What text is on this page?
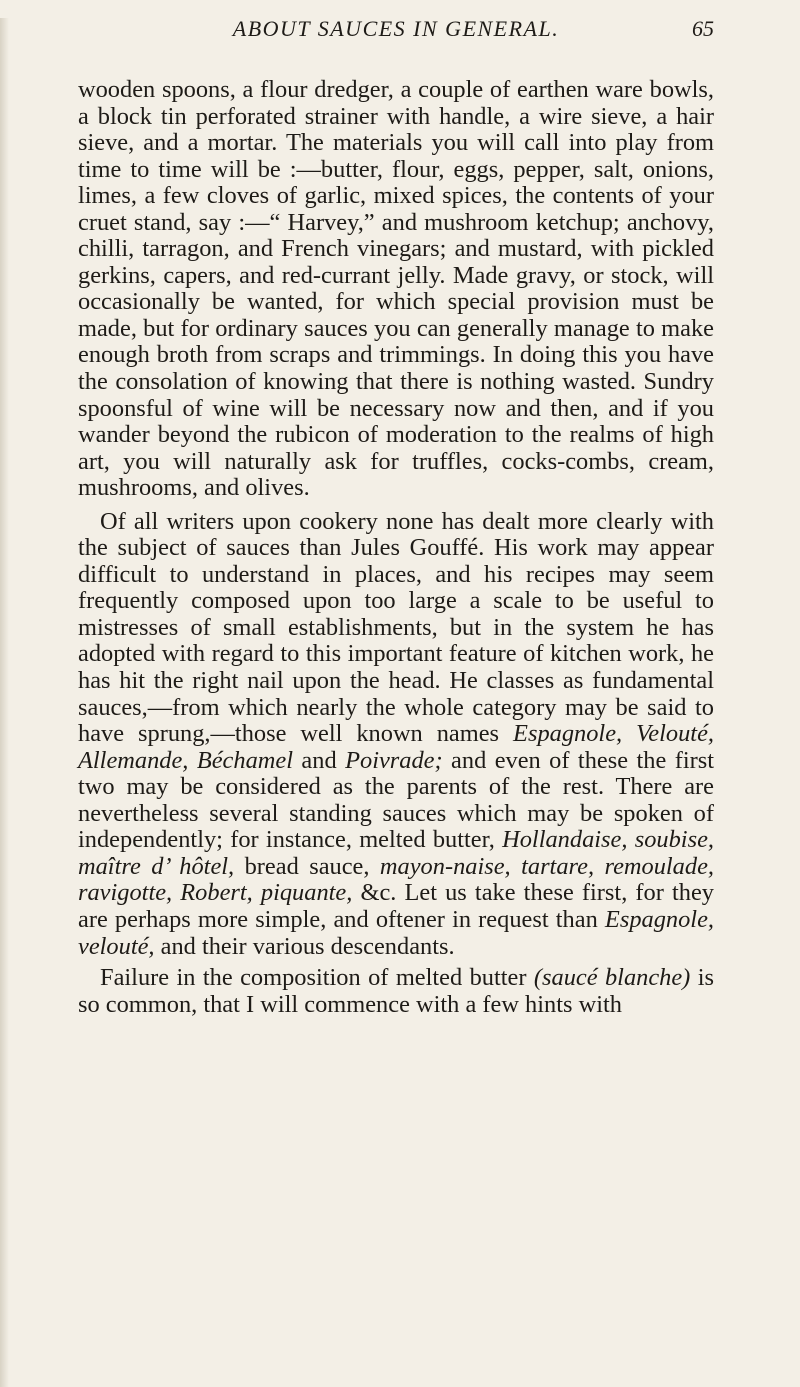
ABOUT SAUCES IN GENERAL.	65

wooden spoons, a flour dredger, a couple of earthen ware bowls, a block tin perforated strainer with handle, a wire sieve, a hair sieve, and a mortar. The materials you will call into play from time to time will be :—butter, flour, eggs, pepper, salt, onions, limes, a few cloves of garlic, mixed spices, the contents of your cruet stand, say :—“ Harvey,” and mushroom ketchup; anchovy, chilli, tarragon, and French vinegars; and mustard, with pickled gerkins, capers, and red-currant jelly. Made gravy, or stock, will occasionally be wanted, for which special provision must be made, but for ordinary sauces you can generally manage to make enough broth from scraps and trimmings. In doing this you have the consolation of knowing that there is nothing wasted. Sundry spoonsful of wine will be necessary now and then, and if you wander beyond the rubicon of moderation to the realms of high art, you will naturally ask for truffles, cocks-combs, cream, mushrooms, and olives.

Of all writers upon cookery none has dealt more clearly with the subject of sauces than Jules Gouffé. His work may appear difficult to understand in places, and his recipes may seem frequently composed upon too large a scale to be useful to mistresses of small establishments, but in the system he has adopted with regard to this important feature of kitchen work, he has hit the right nail upon the head. He classes as fundamental sauces,—from which nearly the whole category may be said to have sprung,—those well known names Espagnole, Velouté, Allemande, Béchamel and Poivrade; and even of these the first two may be considered as the parents of the rest. There are nevertheless several standing sauces which may be spoken of independently; for instance, melted butter, Hollandaise, soubise, maître d’ hôtel, bread sauce, mayon-naise, tartare, remoulade, ravigotte, Robert, piquante, &c. Let us take these first, for they are perhaps more simple, and oftener in request than Espagnole, velouté, and their various descendants.

Failure in the composition of melted butter (saucé blanche) is so common, that I will commence with a few hints with
